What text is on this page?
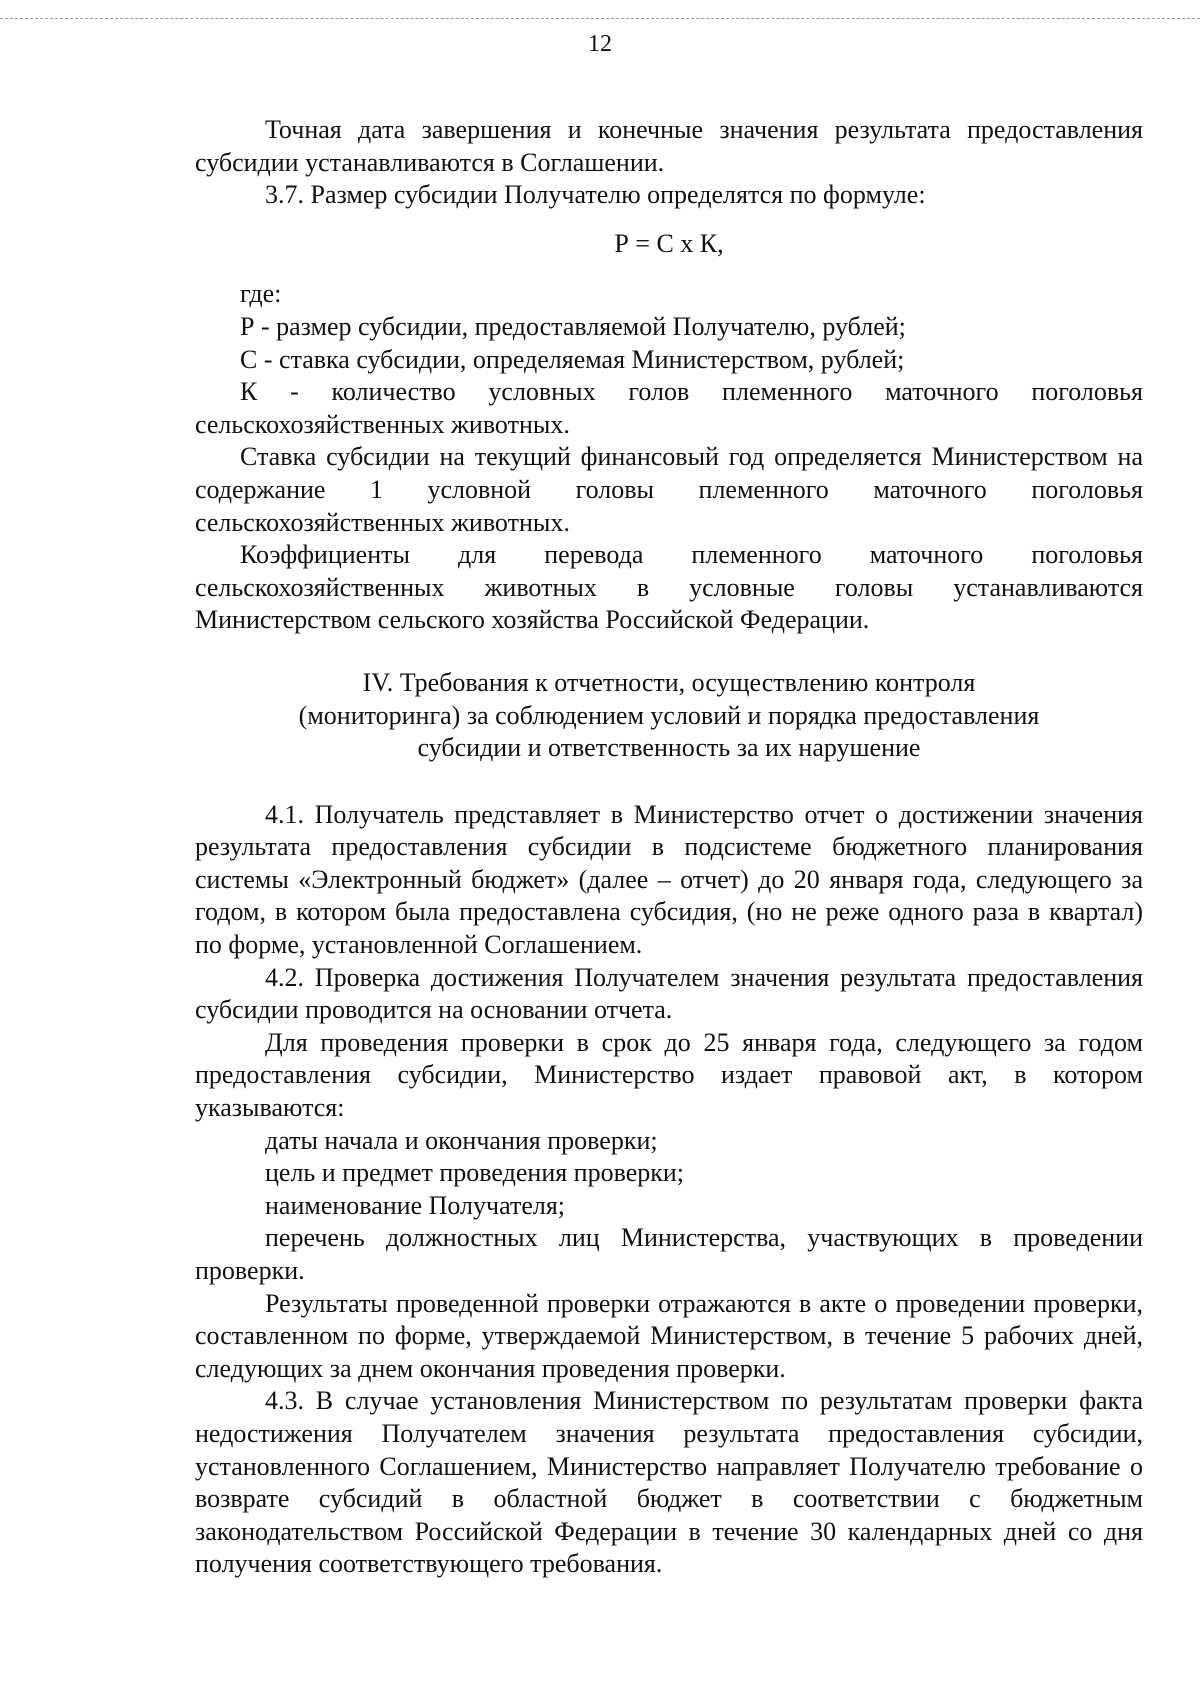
12

Точная дата завершения и конечные значения результата предоставления субсидии устанавливаются в Соглашении.

3.7. Размер субсидии Получателю определятся по формуле:

Р = С х К,

где:

Р - размер субсидии, предоставляемой Получателю, рублей;

С - ставка субсидии, определяемая Министерством, рублей;

К - количество условных голов племенного маточного поголовья сельскохозяйственных животных.

Ставка субсидии на текущий финансовый год определяется Министерством на содержание 1 условной головы племенного маточного поголовья сельскохозяйственных животных.

Коэффициенты для перевода племенного маточного поголовья сельскохозяйственных животных в условные головы устанавливаются Министерством сельского хозяйства Российской Федерации.

IV. Требования к отчетности, осуществлению контроля
(мониторинга) за соблюдением условий и порядка предоставления
субсидии и ответственность за их нарушение

4.1. Получатель представляет в Министерство отчет о достижении значения результата предоставления субсидии в подсистеме бюджетного планирования системы «Электронный бюджет» (далее – отчет) до 20 января года, следующего за годом, в котором была предоставлена субсидия, (но не реже одного раза в квартал) по форме, установленной Соглашением.

4.2. Проверка достижения Получателем значения результата предоставления субсидии проводится на основании отчета.

Для проведения проверки в срок до 25 января года, следующего за годом предоставления субсидии, Министерство издает правовой акт, в котором указываются:

даты начала и окончания проверки;

цель и предмет проведения проверки;

наименование Получателя;

перечень должностных лиц Министерства, участвующих в проведении проверки.

Результаты проведенной проверки отражаются в акте о проведении проверки, составленном по форме, утверждаемой Министерством, в течение 5 рабочих дней, следующих за днем окончания проведения проверки.

4.3. В случае установления Министерством по результатам проверки факта недостижения Получателем значения результата предоставления субсидии, установленного Соглашением, Министерство направляет Получателю требование о возврате субсидий в областной бюджет в соответствии с бюджетным законодательством Российской Федерации в течение 30 календарных дней со дня получения соответствующего требования.
